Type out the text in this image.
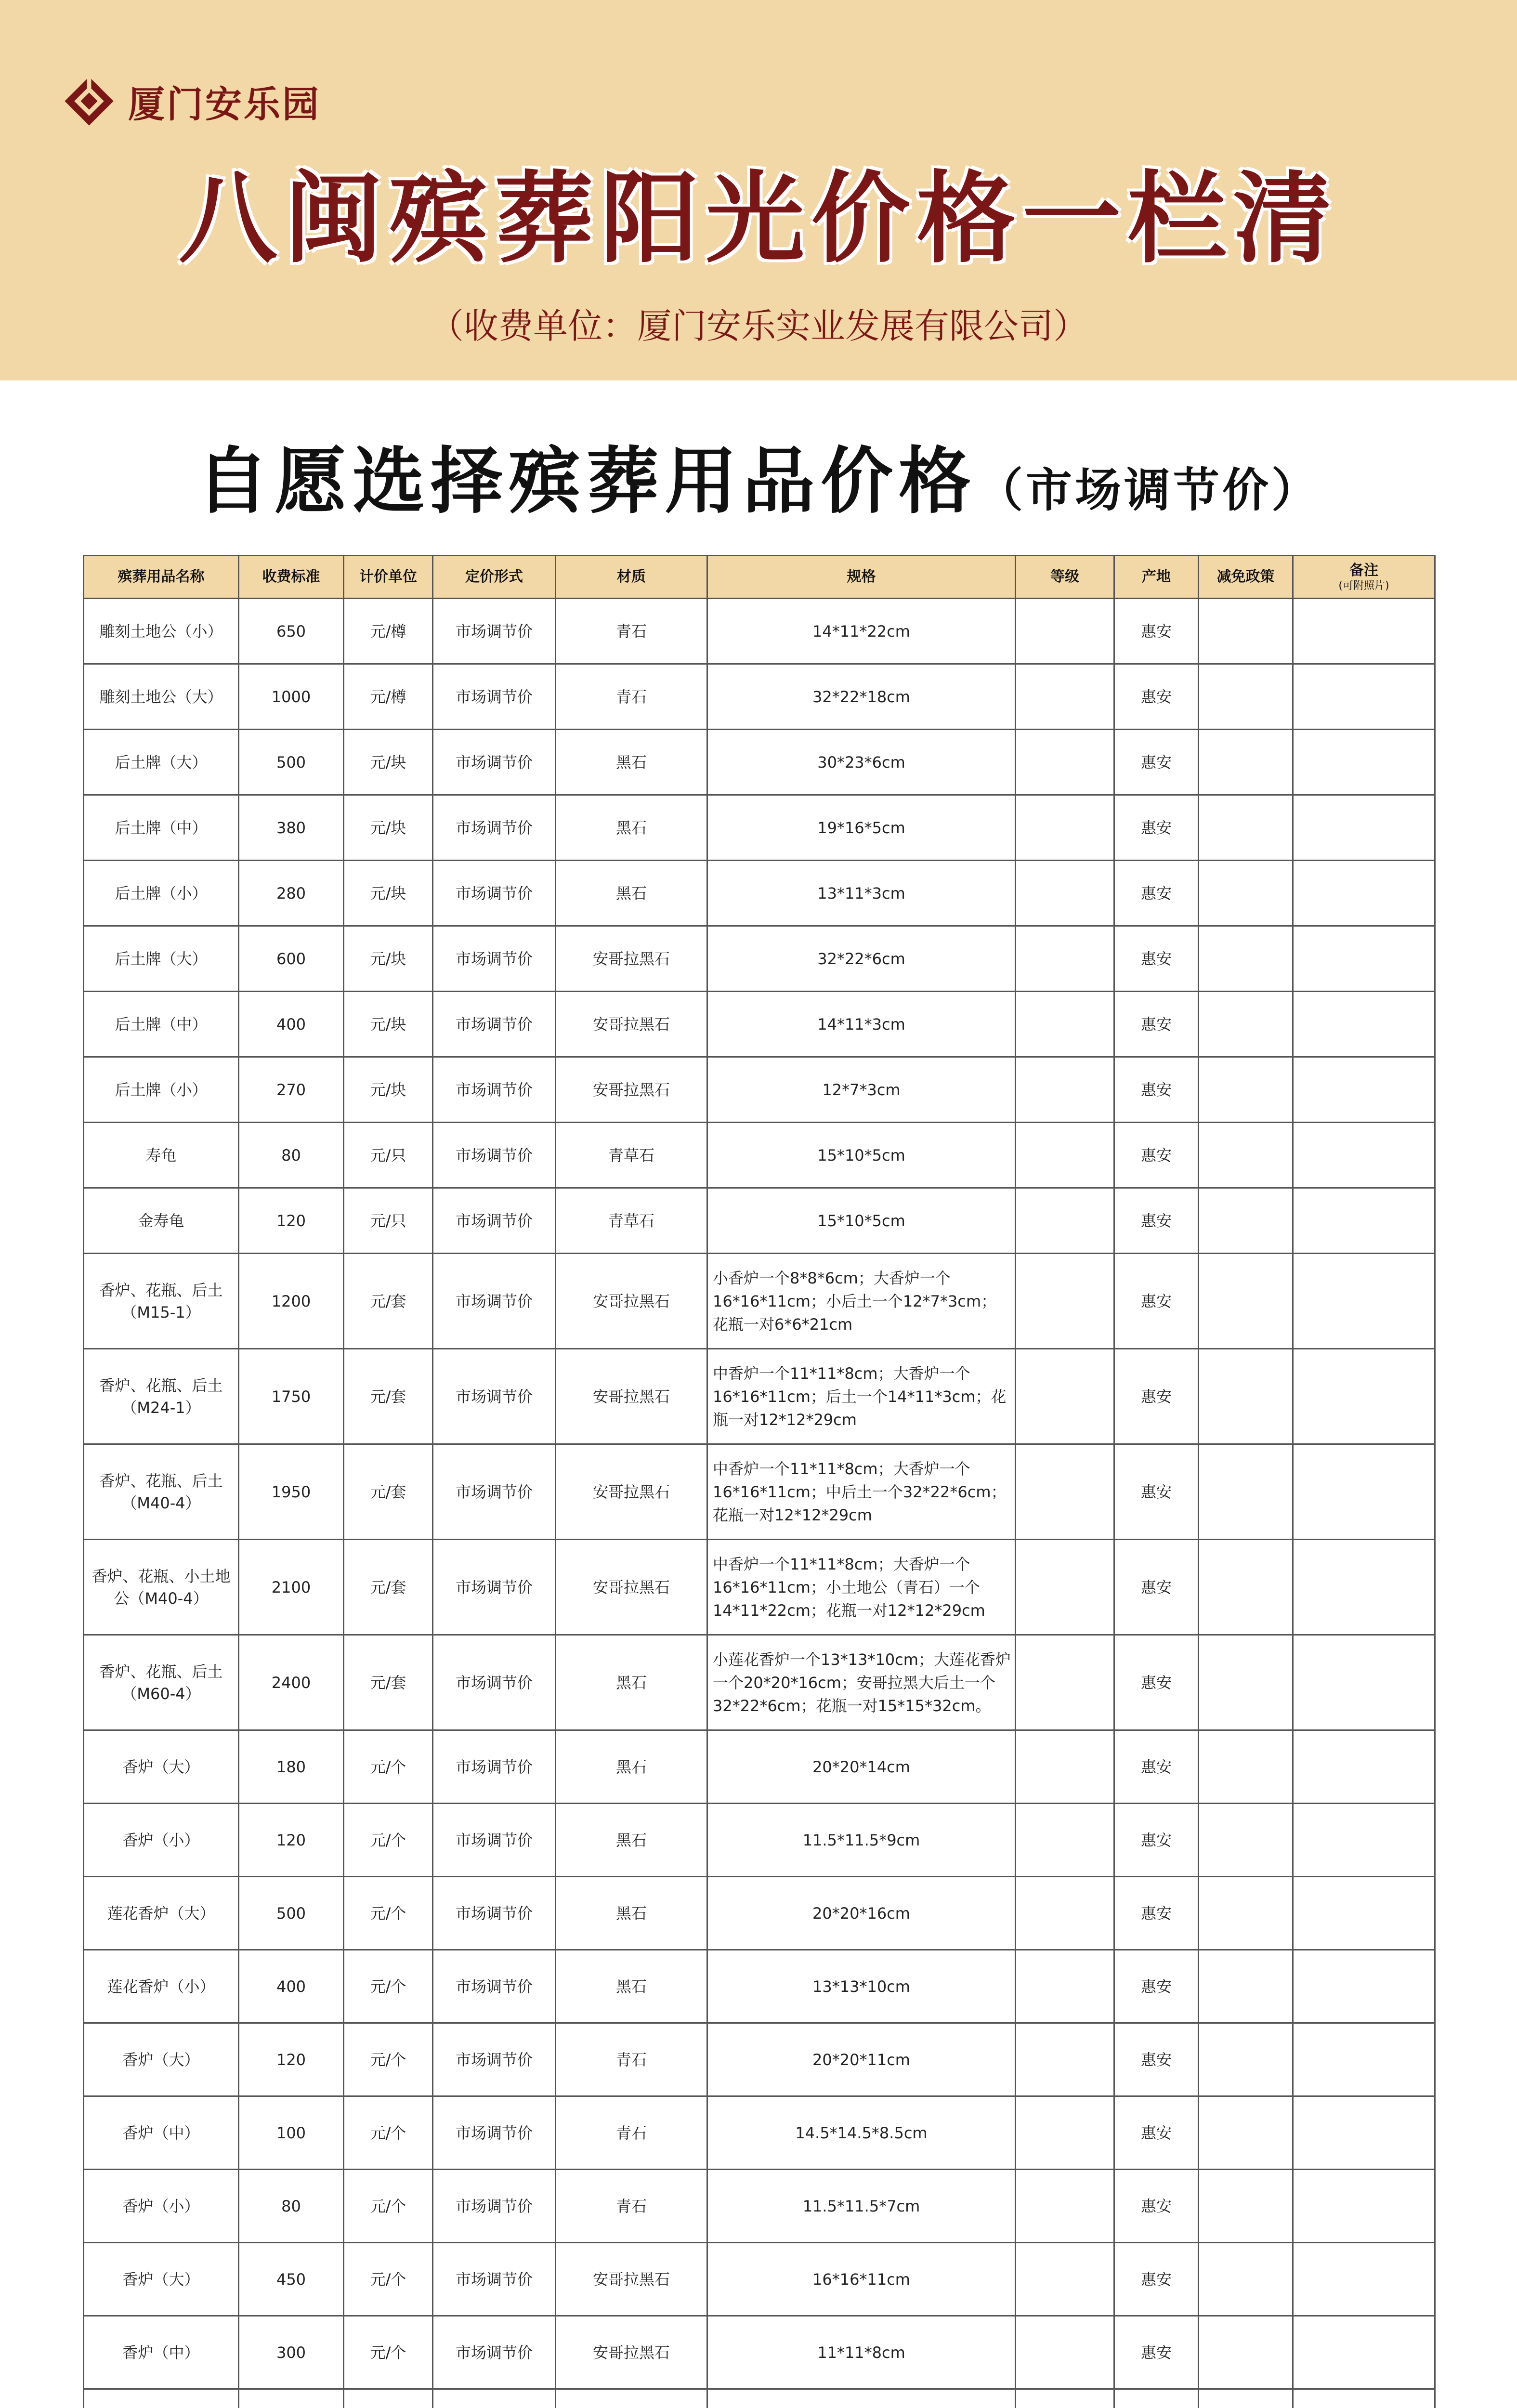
厦门安乐园
八闽殡葬阳光价格一栏清
（收费单位：厦门安乐实业发展有限公司）
自愿选择殡葬用品价格（市场调节价）
殡葬用品名称	收费标准	计价单位	定价形式	材质	规格	等级	产地	减免政策	备注
(可附照片)

雕刻土地公（小）	650	元/樽	市场调节价	青石	14*11*22cm		惠安		
雕刻土地公（大）	1000	元/樽	市场调节价	青石	32*22*18cm		惠安		
后土牌（大）	500	元/块	市场调节价	黑石	30*23*6cm		惠安		
后土牌（中）	380	元/块	市场调节价	黑石	19*16*5cm		惠安		
后土牌（小）	280	元/块	市场调节价	黑石	13*11*3cm		惠安		
后土牌（大）	600	元/块	市场调节价	安哥拉黑石	32*22*6cm		惠安		
后土牌（中）	400	元/块	市场调节价	安哥拉黑石	14*11*3cm		惠安		
后土牌（小）	270	元/块	市场调节价	安哥拉黑石	12*7*3cm		惠安		
寿龟	80	元/只	市场调节价	青草石	15*10*5cm		惠安		
金寿龟	120	元/只	市场调节价	青草石	15*10*5cm		惠安		
香炉、花瓶、后土（M15-1）	1200	元/套	市场调节价	安哥拉黑石	小香炉一个8*8*6cm；大香炉一个16*16*11cm；小后土一个12*7*3cm；花瓶一对6*6*21cm		惠安		
香炉、花瓶、后土（M24-1）	1750	元/套	市场调节价	安哥拉黑石	中香炉一个11*11*8cm；大香炉一个16*16*11cm；后土一个14*11*3cm；花瓶一对12*12*29cm		惠安		
香炉、花瓶、后土（M40-4）	1950	元/套	市场调节价	安哥拉黑石	中香炉一个11*11*8cm；大香炉一个16*16*11cm；中后土一个32*22*6cm；花瓶一对12*12*29cm		惠安		
香炉、花瓶、小土地公（M40-4）	2100	元/套	市场调节价	安哥拉黑石	中香炉一个11*11*8cm；大香炉一个16*16*11cm；小土地公（青石）一个14*11*22cm；花瓶一对12*12*29cm		惠安		
香炉、花瓶、后土（M60-4）	2400	元/套	市场调节价	黑石	小莲花香炉一个13*13*10cm；大莲花香炉一个20*20*16cm；安哥拉黑大后土一个32*22*6cm；花瓶一对15*15*32cm。		惠安		
香炉（大）	180	元/个	市场调节价	黑石	20*20*14cm		惠安		
香炉（小）	120	元/个	市场调节价	黑石	11.5*11.5*9cm		惠安		
莲花香炉（大）	500	元/个	市场调节价	黑石	20*20*16cm		惠安		
莲花香炉（小）	400	元/个	市场调节价	黑石	13*13*10cm		惠安		
香炉（大）	120	元/个	市场调节价	青石	20*20*11cm		惠安		
香炉（中）	100	元/个	市场调节价	青石	14.5*14.5*8.5cm		惠安		
香炉（小）	80	元/个	市场调节价	青石	11.5*11.5*7cm		惠安		
香炉（大）	450	元/个	市场调节价	安哥拉黑石	16*16*11cm		惠安		
香炉（中）	300	元/个	市场调节价	安哥拉黑石	11*11*8cm		惠安		
